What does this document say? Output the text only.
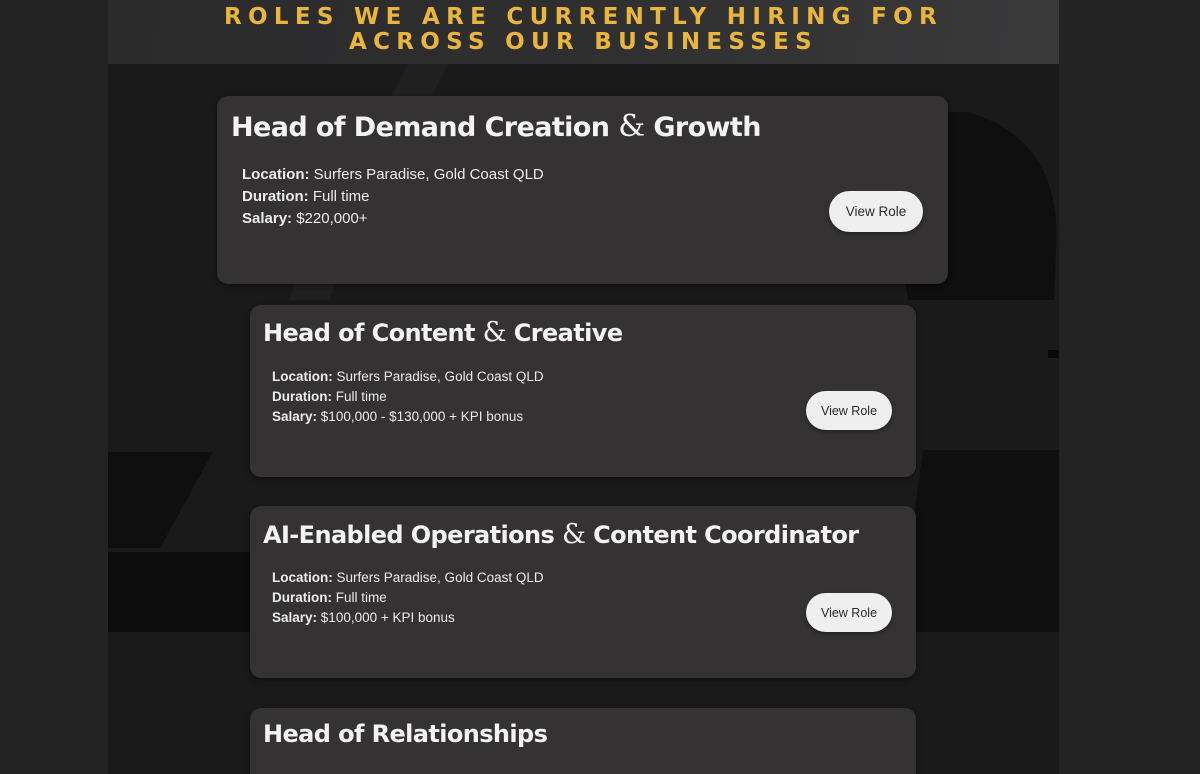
ROLES WE ARE CURRENTLY HIRING FOR
ACROSS OUR BUSINESSES
Head of Demand Creation & Growth
Location: Surfers Paradise, Gold Coast QLD
Duration: Full time
Salary: $220,000+	View Role
Head of Content & Creative
Location: Surfers Paradise, Gold Coast QLD
Duration: Full time
Salary: $100,000 - $130,000 + KPI bonus	View Role
AI-Enabled Operations & Content Coordinator
Location: Surfers Paradise, Gold Coast QLD
Duration: Full time
Salary: $100,000 + KPI bonus	View Role
Head of Relationships
